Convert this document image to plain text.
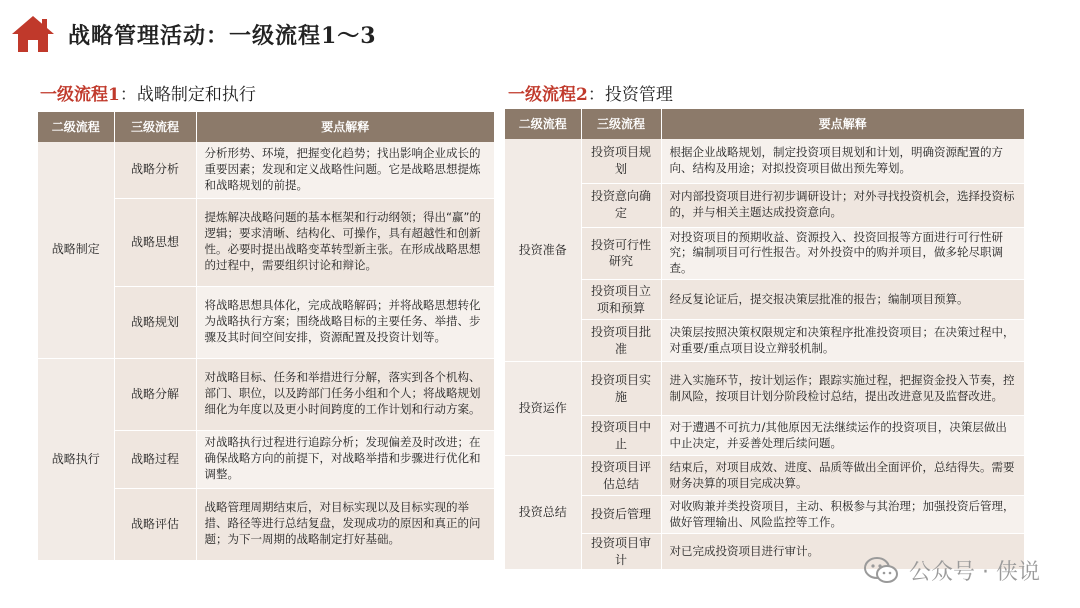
战略管理活动：一级流程1～3
一级流程1 ： 战略制定和执行	一级流程2 ： 投资管理
二级流程	三级流程	要点解释
战略制定	战略分析	分析形势、环境，把握变化趋势；找出影响企业成长的重要因素；发现和定义战略性问题。它是战略思想提炼和战略规划的前提。
	战略思想	提炼解决战略问题的基本框架和行动纲领；得出“赢”的逻辑；要求清晰、结构化、可操作，具有超越性和创新性。必要时提出战略变革转型新主张。在形成战略思想的过程中，需要组织讨论和辩论。
	战略规划	将战略思想具体化，完成战略解码；并将战略思想转化为战略执行方案；围绕战略目标的主要任务、举措、步骤及其时间空间安排，资源配置及投资计划等。
战略执行	战略分解	对战略目标、任务和举措进行分解，落实到各个机构、部门、职位，以及跨部门任务小组和个人；将战略规划细化为年度以及更小时间跨度的工作计划和行动方案。
	战略过程	对战略执行过程进行追踪分析；发现偏差及时改进；在确保战略方向的前提下，对战略举措和步骤进行优化和调整。
	战略评估	战略管理周期结束后，对目标实现以及目标实现的举措、路径等进行总结复盘，发现成功的原因和真正的问题；为下一周期的战略制定打好基础。
二级流程	三级流程	要点解释
投资准备	投资项目规划	根据企业战略规划，制定投资项目规划和计划，明确资源配置的方向、结构及用途；对拟投资项目做出预先筹划。
	投资意向确定	对内部投资项目进行初步调研设计；对外寻找投资机会，选择投资标的，并与相关主题达成投资意向。
	投资可行性研究	对投资项目的预期收益、资源投入、投资回报等方面进行可行性研究；编制项目可行性报告。对外投资中的购并项目，做多轮尽职调查。
	投资项目立项和预算	经反复论证后，提交报决策层批准的报告；编制项目预算。
	投资项目批准	决策层按照决策权限规定和决策程序批准投资项目；在决策过程中，对重要/重点项目设立辩驳机制。
投资运作	投资项目实施	进入实施环节，按计划运作；跟踪实施过程，把握资金投入节奏，控制风险，按项目计划分阶段检讨总结，提出改进意见及监督改进。
	投资项目中止	对于遭遇不可抗力/其他原因无法继续运作的投资项目，决策层做出中止决定，并妥善处理后续问题。
投资总结	投资项目评估总结	结束后，对项目成效、进度、品质等做出全面评价，总结得失。需要财务决算的项目完成决算。
	投资后管理	对收购兼并类投资项目，主动、积极参与其治理；加强投资后管理，做好管理输出、风险监控等工作。
	投资项目审计	对已完成投资项目进行审计。
公众号 · 侠说
